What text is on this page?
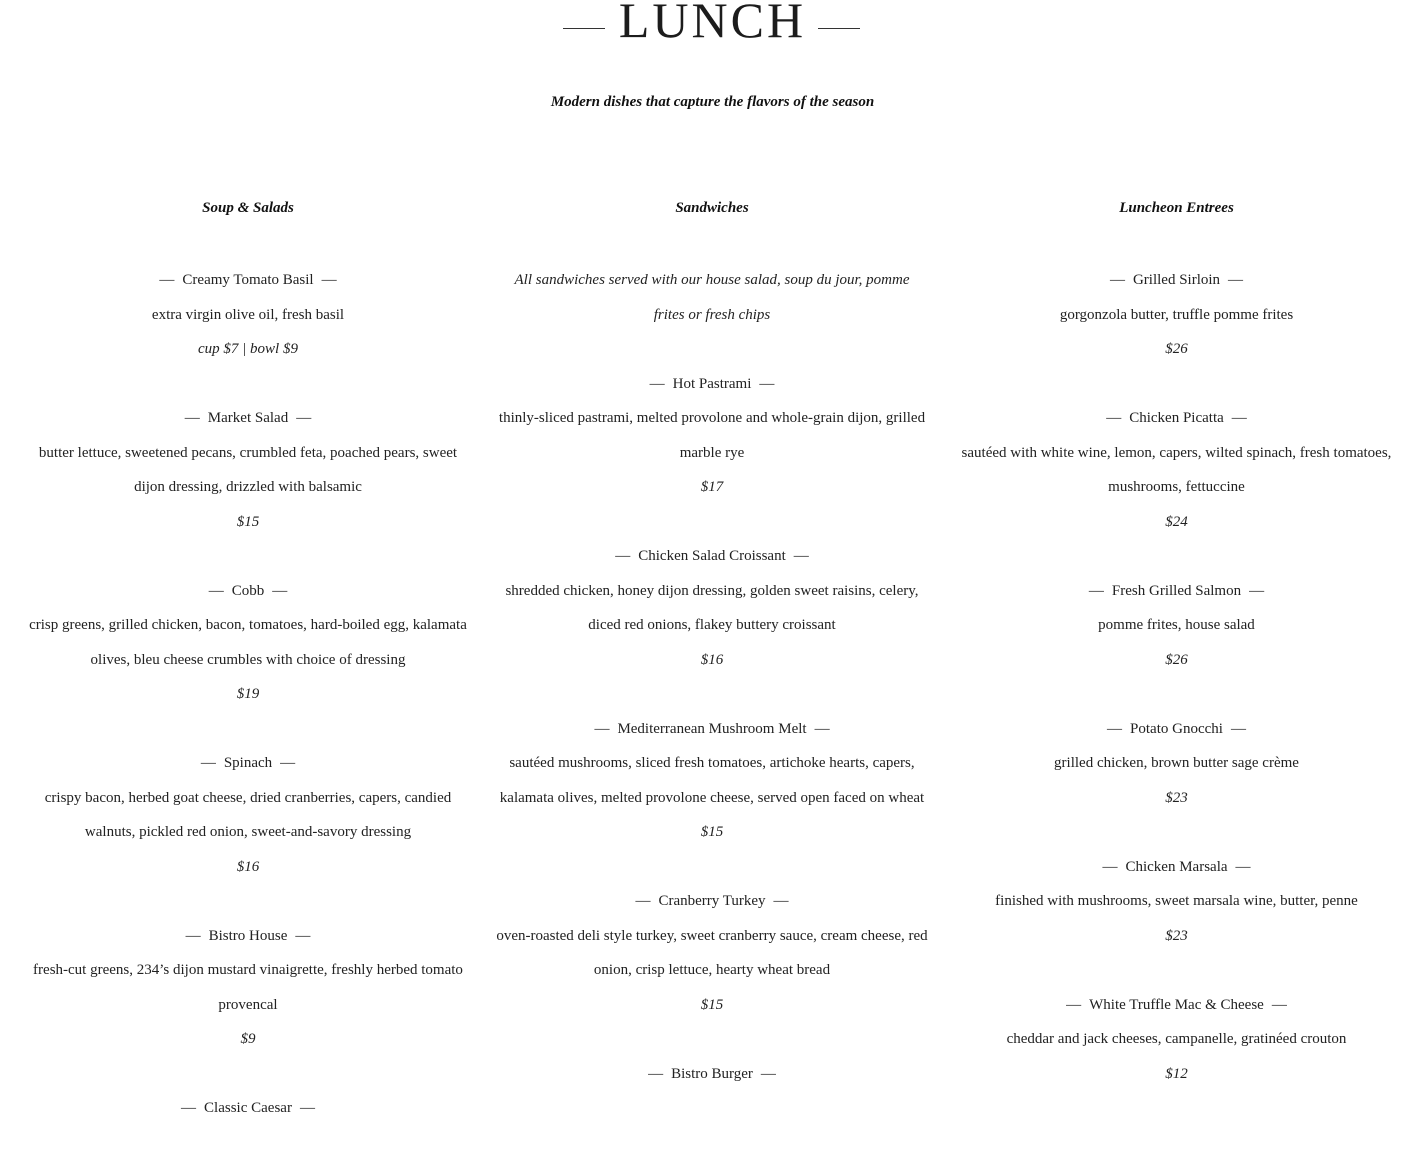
LUNCH
Modern dishes that capture the flavors of the season
Soup & Salads
— Creamy Tomato Basil —
extra virgin olive oil, fresh basil
cup $7 | bowl $9
— Market Salad —
butter lettuce, sweetened pecans, crumbled feta, poached pears, sweet dijon dressing, drizzled with balsamic
$15
— Cobb —
crisp greens, grilled chicken, bacon, tomatoes, hard-boiled egg, kalamata olives, bleu cheese crumbles with choice of dressing
$19
— Spinach —
crispy bacon, herbed goat cheese, dried cranberries, capers, candied walnuts, pickled red onion, sweet-and-savory dressing
$16
— Bistro House —
fresh-cut greens, 234’s dijon mustard vinaigrette, freshly herbed tomato provencal
$9
— Classic Caesar —
Sandwiches
All sandwiches served with our house salad, soup du jour, pomme frites or fresh chips
— Hot Pastrami —
thinly-sliced pastrami, melted provolone and whole-grain dijon, grilled marble rye
$17
— Chicken Salad Croissant —
shredded chicken, honey dijon dressing, golden sweet raisins, celery, diced red onions, flakey buttery croissant
$16
— Mediterranean Mushroom Melt —
sautéed mushrooms, sliced fresh tomatoes, artichoke hearts, capers, kalamata olives, melted provolone cheese, served open faced on wheat
$15
— Cranberry Turkey —
oven-roasted deli style turkey, sweet cranberry sauce, cream cheese, red onion, crisp lettuce, hearty wheat bread
$15
— Bistro Burger —
Luncheon Entrees
— Grilled Sirloin —
gorgonzola butter, truffle pomme frites
$26
— Chicken Picatta —
sautéed with white wine, lemon, capers, wilted spinach, fresh tomatoes, mushrooms, fettuccine
$24
— Fresh Grilled Salmon —
pomme frites, house salad
$26
— Potato Gnocchi —
grilled chicken, brown butter sage crème
$23
— Chicken Marsala —
finished with mushrooms, sweet marsala wine, butter, penne
$23
— White Truffle Mac & Cheese —
cheddar and jack cheeses, campanelle, gratinéed crouton
$12
